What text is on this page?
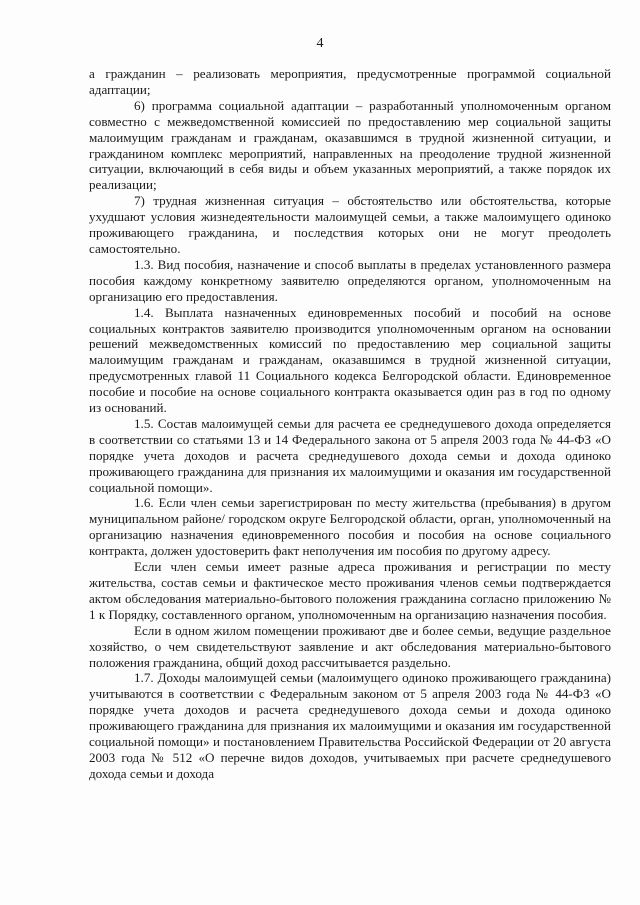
4

а гражданин – реализовать мероприятия, предусмотренные программой социальной адаптации;

6) программа социальной адаптации – разработанный уполномоченным органом совместно с межведомственной комиссией по предоставлению мер социальной защиты малоимущим гражданам и гражданам, оказавшимся в трудной жизненной ситуации, и гражданином комплекс мероприятий, направленных на преодоление трудной жизненной ситуации, включающий в себя виды и объем указанных мероприятий, а также порядок их реализации;

7) трудная жизненная ситуация – обстоятельство или обстоятельства, которые ухудшают условия жизнедеятельности малоимущей семьи, а также малоимущего одиноко проживающего гражданина, и последствия которых они не могут преодолеть самостоятельно.

1.3. Вид пособия, назначение и способ выплаты в пределах установленного размера пособия каждому конкретному заявителю определяются органом, уполномоченным на организацию его предоставления.

1.4. Выплата назначенных единовременных пособий и пособий на основе социальных контрактов заявителю производится уполномоченным органом на основании решений межведомственных комиссий по предоставлению мер социальной защиты малоимущим гражданам и гражданам, оказавшимся в трудной жизненной ситуации, предусмотренных главой 11 Социального кодекса Белгородской области. Единовременное пособие и пособие на основе социального контракта оказывается один раз в год по одному из оснований.

1.5. Состав малоимущей семьи для расчета ее среднедушевого дохода определяется в соответствии со статьями 13 и 14 Федерального закона от 5 апреля 2003 года № 44-ФЗ «О порядке учета доходов и расчета среднедушевого дохода семьи и дохода одиноко проживающего гражданина для признания их малоимущими и оказания им государственной социальной помощи».

1.6. Если член семьи зарегистрирован по месту жительства (пребывания) в другом муниципальном районе/ городском округе Белгородской области, орган, уполномоченный на организацию назначения единовременного пособия и пособия на основе социального контракта, должен удостоверить факт неполучения им пособия по другому адресу.

Если член семьи имеет разные адреса проживания и регистрации по месту жительства, состав семьи и фактическое место проживания членов семьи подтверждается актом обследования материально-бытового положения гражданина согласно приложению № 1 к Порядку, составленного органом, уполномоченным на организацию назначения пособия.

Если в одном жилом помещении проживают две и более семьи, ведущие раздельное хозяйство, о чем свидетельствуют заявление и акт обследования материально-бытового положения гражданина, общий доход рассчитывается раздельно.

1.7. Доходы малоимущей семьи (малоимущего одиноко проживающего гражданина) учитываются в соответствии с Федеральным законом от 5 апреля 2003 года № 44-ФЗ «О порядке учета доходов и расчета среднедушевого дохода семьи и дохода одиноко проживающего гражданина для признания их малоимущими и оказания им государственной социальной помощи» и постановлением Правительства Российской Федерации от 20 августа 2003 года № 512 «О перечне видов доходов, учитываемых при расчете среднедушевого дохода семьи и дохода
